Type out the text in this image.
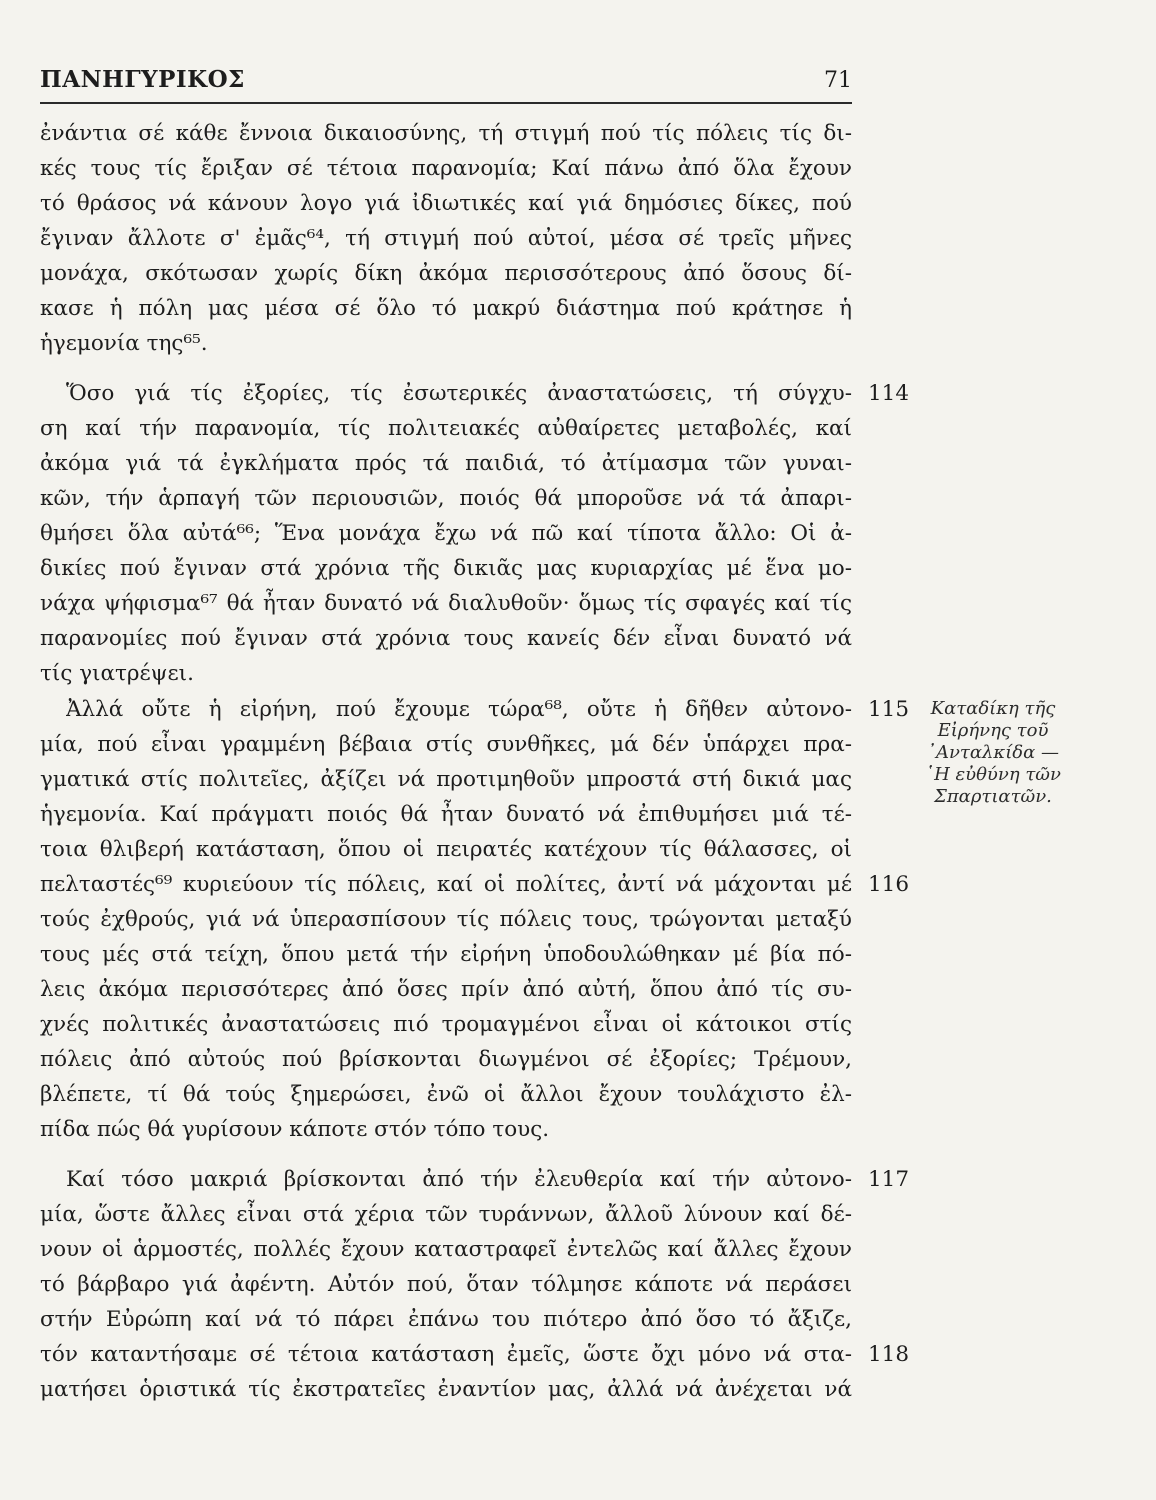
ΠΑΝΗΓΥΡΙΚΟΣ	71
ἐνάντια σέ κάθε ἔννοια δικαιοσύνης, τή στιγμή πού τίς πόλεις τίς δι-
κές τους τίς ἔριξαν σέ τέτοια παρανομία; Καί πάνω ἀπό ὅλα ἔχουν
τό θράσος νά κάνουν λογο γιά ἰδιωτικές καί γιά δημόσιες δίκες, πού
ἔγιναν ἄλλοτε σ' ἐμᾶς⁶⁴, τή στιγμή πού αὐτοί, μέσα σέ τρεῖς μῆνες
μονάχα, σκότωσαν χωρίς δίκη ἀκόμα περισσότερους ἀπό ὅσους δί-
κασε ἡ πόλη μας μέσα σέ ὅλο τό μακρύ διάστημα πού κράτησε ἡ
ἡγεμονία της⁶⁵.
Ὅσο γιά τίς ἐξορίες, τίς ἐσωτερικές ἀναστατώσεις, τή σύγχυ-
ση καί τήν παρανομία, τίς πολιτειακές αὐθαίρετες μεταβολές, καί
ἀκόμα γιά τά ἐγκλήματα πρός τά παιδιά, τό ἀτίμασμα τῶν γυναι-
κῶν, τήν ἁρπαγή τῶν περιουσιῶν, ποιός θά μποροῦσε νά τά ἀπαρι-
θμήσει ὅλα αὐτά⁶⁶; Ἕνα μονάχα ἔχω νά πῶ καί τίποτα ἄλλο: Οἱ ἀ-
δικίες πού ἔγιναν στά χρόνια τῆς δικιᾶς μας κυριαρχίας μέ ἕνα μο-
νάχα ψήφισμα⁶⁷ θά ἦταν δυνατό νά διαλυθοῦν· ὅμως τίς σφαγές καί τίς
παρανομίες πού ἔγιναν στά χρόνια τους κανείς δέν εἶναι δυνατό νά
τίς γιατρέψει.
Ἀλλά οὔτε ἡ εἰρήνη, πού ἔχουμε τώρα⁶⁸, οὔτε ἡ δῆθεν αὐτονο-
μία, πού εἶναι γραμμένη βέβαια στίς συνθῆκες, μά δέν ὑπάρχει πρα-
γματικά στίς πολιτεῖες, ἀξίζει νά προτιμηθοῦν μπροστά στή δικιά μας
ἡγεμονία. Καί πράγματι ποιός θά ἦταν δυνατό νά ἐπιθυμήσει μιά τέ-
τοια θλιβερή κατάσταση, ὅπου οἱ πειρατές κατέχουν τίς θάλασσες, οἱ
πελταστές⁶⁹ κυριεύουν τίς πόλεις, καί οἱ πολίτες, ἀντί νά μάχονται μέ
τούς ἐχθρούς, γιά νά ὑπερασπίσουν τίς πόλεις τους, τρώγονται μεταξύ
τους μές στά τείχη, ὅπου μετά τήν εἰρήνη ὑποδουλώθηκαν μέ βία πό-
λεις ἀκόμα περισσότερες ἀπό ὅσες πρίν ἀπό αὐτή, ὅπου ἀπό τίς συ-
χνές πολιτικές ἀναστατώσεις πιό τρομαγμένοι εἶναι οἱ κάτοικοι στίς
πόλεις ἀπό αὐτούς πού βρίσκονται διωγμένοι σέ ἐξορίες; Τρέμουν,
βλέπετε, τί θά τούς ξημερώσει, ἐνῶ οἱ ἄλλοι ἔχουν τουλάχιστο ἐλ-
πίδα πώς θά γυρίσουν κάποτε στόν τόπο τους.
Καί τόσο μακριά βρίσκονται ἀπό τήν ἐλευθερία καί τήν αὐτονο-
μία, ὥστε ἄλλες εἶναι στά χέρια τῶν τυράννων, ἄλλοῦ λύνουν καί δέ-
νουν οἱ ἁρμοστές, πολλές ἔχουν καταστραφεῖ ἐντελῶς καί ἄλλες ἔχουν
τό βάρβαρο γιά ἀφέντη. Αὐτόν πού, ὅταν τόλμησε κάποτε νά περάσει
στήν Εὐρώπη καί νά τό πάρει ἐπάνω του πιότερο ἀπό ὅσο τό ἄξιζε,
τόν καταντήσαμε σέ τέτοια κατάσταση ἐμεῖς, ὥστε ὄχι μόνο νά στα-
ματήσει ὁριστικά τίς ἐκστρατεῖες ἐναντίον μας, ἀλλά νά ἀνέχεται νά
114
115
116
117
118
Καταδίκη τῆς
Εἰρήνης τοῦ
᾿Ανταλκίδα —
῾Η εὐθύνη τῶν
Σπαρτιατῶν.
